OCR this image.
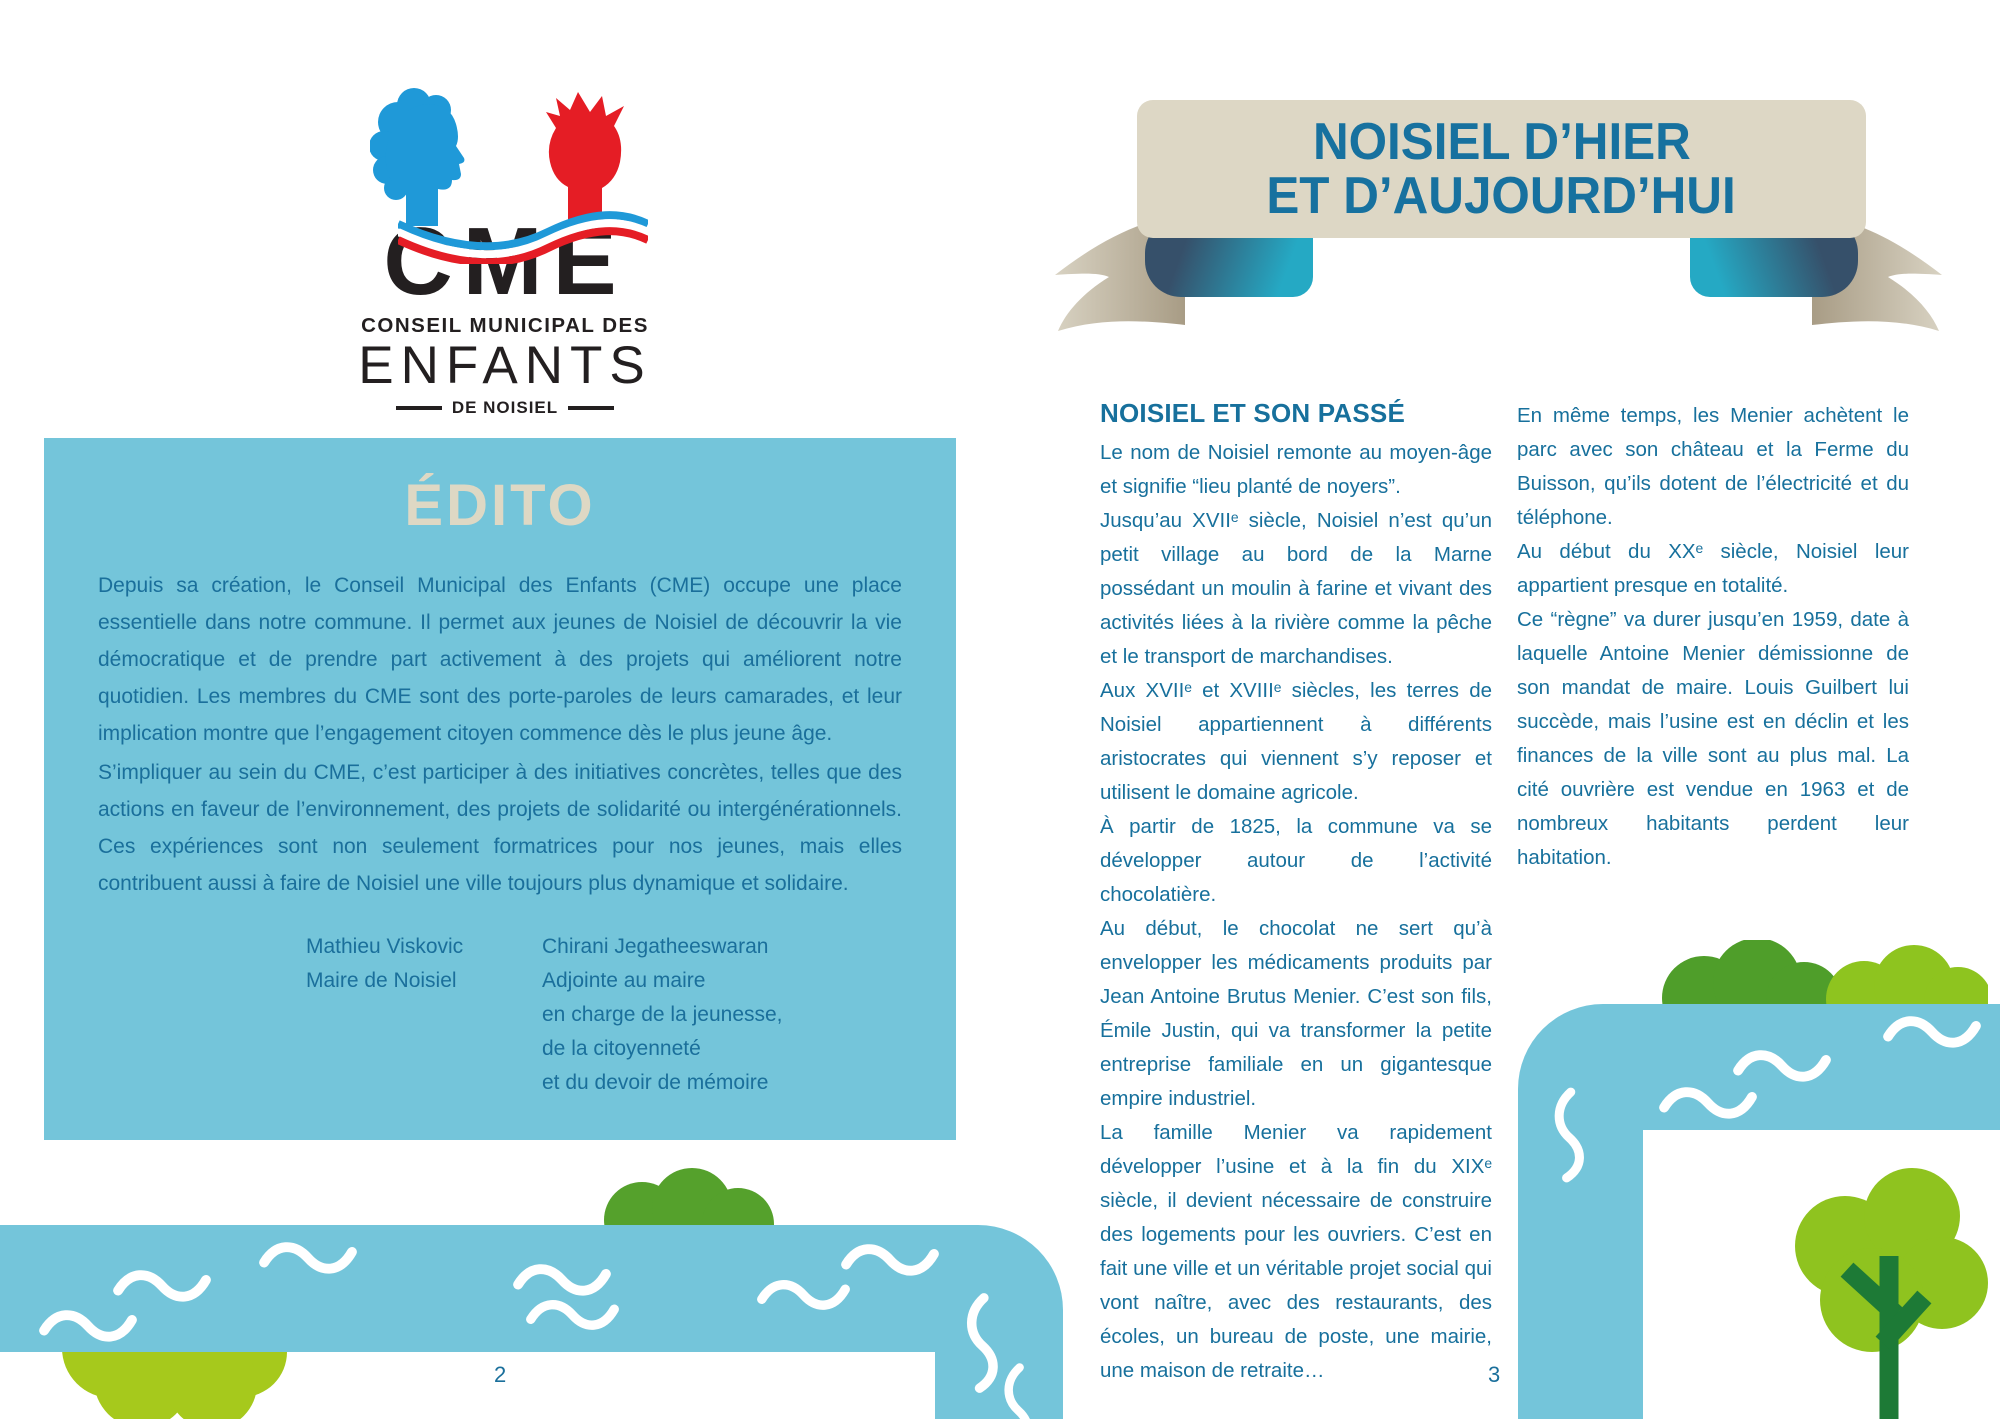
CME
CONSEIL MUNICIPAL DES
ENFANTS
DE NOISIEL
ÉDITO

Depuis sa création, le Conseil Municipal des Enfants (CME) occupe une place essentielle dans notre commune. Il permet aux jeunes de Noisiel de découvrir la vie démocratique et de prendre part activement à des projets qui améliorent notre quotidien. Les membres du CME sont des porte-paroles de leurs camarades, et leur implication montre que l’engagement citoyen commence dès le plus jeune âge.

S’impliquer au sein du CME, c’est participer à des initiatives concrètes, telles que des actions en faveur de l’environnement, des projets de solidarité ou intergénérationnels. Ces expériences sont non seulement formatrices pour nos jeunes, mais elles contribuent aussi à faire de Noisiel une ville toujours plus dynamique et solidaire.

Mathieu Viskovic
Maire de Noisiel
Chirani Jegatheeswaran
Adjointe au maire
en charge de la jeunesse,
de la citoyenneté
et du devoir de mémoire
2
NOISIEL D’HIER
ET D’AUJOURD’HUI
NOISIEL ET SON PASSÉ

Le nom de Noisiel remonte au moyen-âge et signifie “lieu planté de noyers”.

Jusqu’au XVIIᵉ siècle, Noisiel n’est qu’un petit village au bord de la Marne possédant un moulin à farine et vivant des activités liées à la rivière comme la pêche et le transport de marchandises.

Aux XVIIᵉ et XVIIIᵉ siècles, les terres de Noisiel appartiennent à différents aristocrates qui viennent s’y reposer et utilisent le domaine agricole.

À partir de 1825, la commune va se développer autour de l’activité chocolatière.

Au début, le chocolat ne sert qu’à envelopper les médicaments produits par Jean Antoine Brutus Menier. C’est son fils, Émile Justin, qui va transformer la petite entreprise familiale en un gigantesque empire industriel.

La famille Menier va rapidement développer l’usine et à la fin du XIXᵉ siècle, il devient nécessaire de construire des logements pour les ouvriers. C’est en fait une ville et un véritable projet social qui vont naître, avec des restaurants, des écoles, un bureau de poste, une mairie, une maison de retraite…

En même temps, les Menier achètent le parc avec son château et la Ferme du Buisson, qu’ils dotent de l’électricité et du téléphone.

Au début du XXᵉ siècle, Noisiel leur appartient presque en totalité.

Ce “règne” va durer jusqu’en 1959, date à laquelle Antoine Menier démissionne de son mandat de maire. Louis Guilbert lui succède, mais l’usine est en déclin et les finances de la ville sont au plus mal. La cité ouvrière est vendue en 1963 et de nombreux habitants perdent leur habitation.

3
